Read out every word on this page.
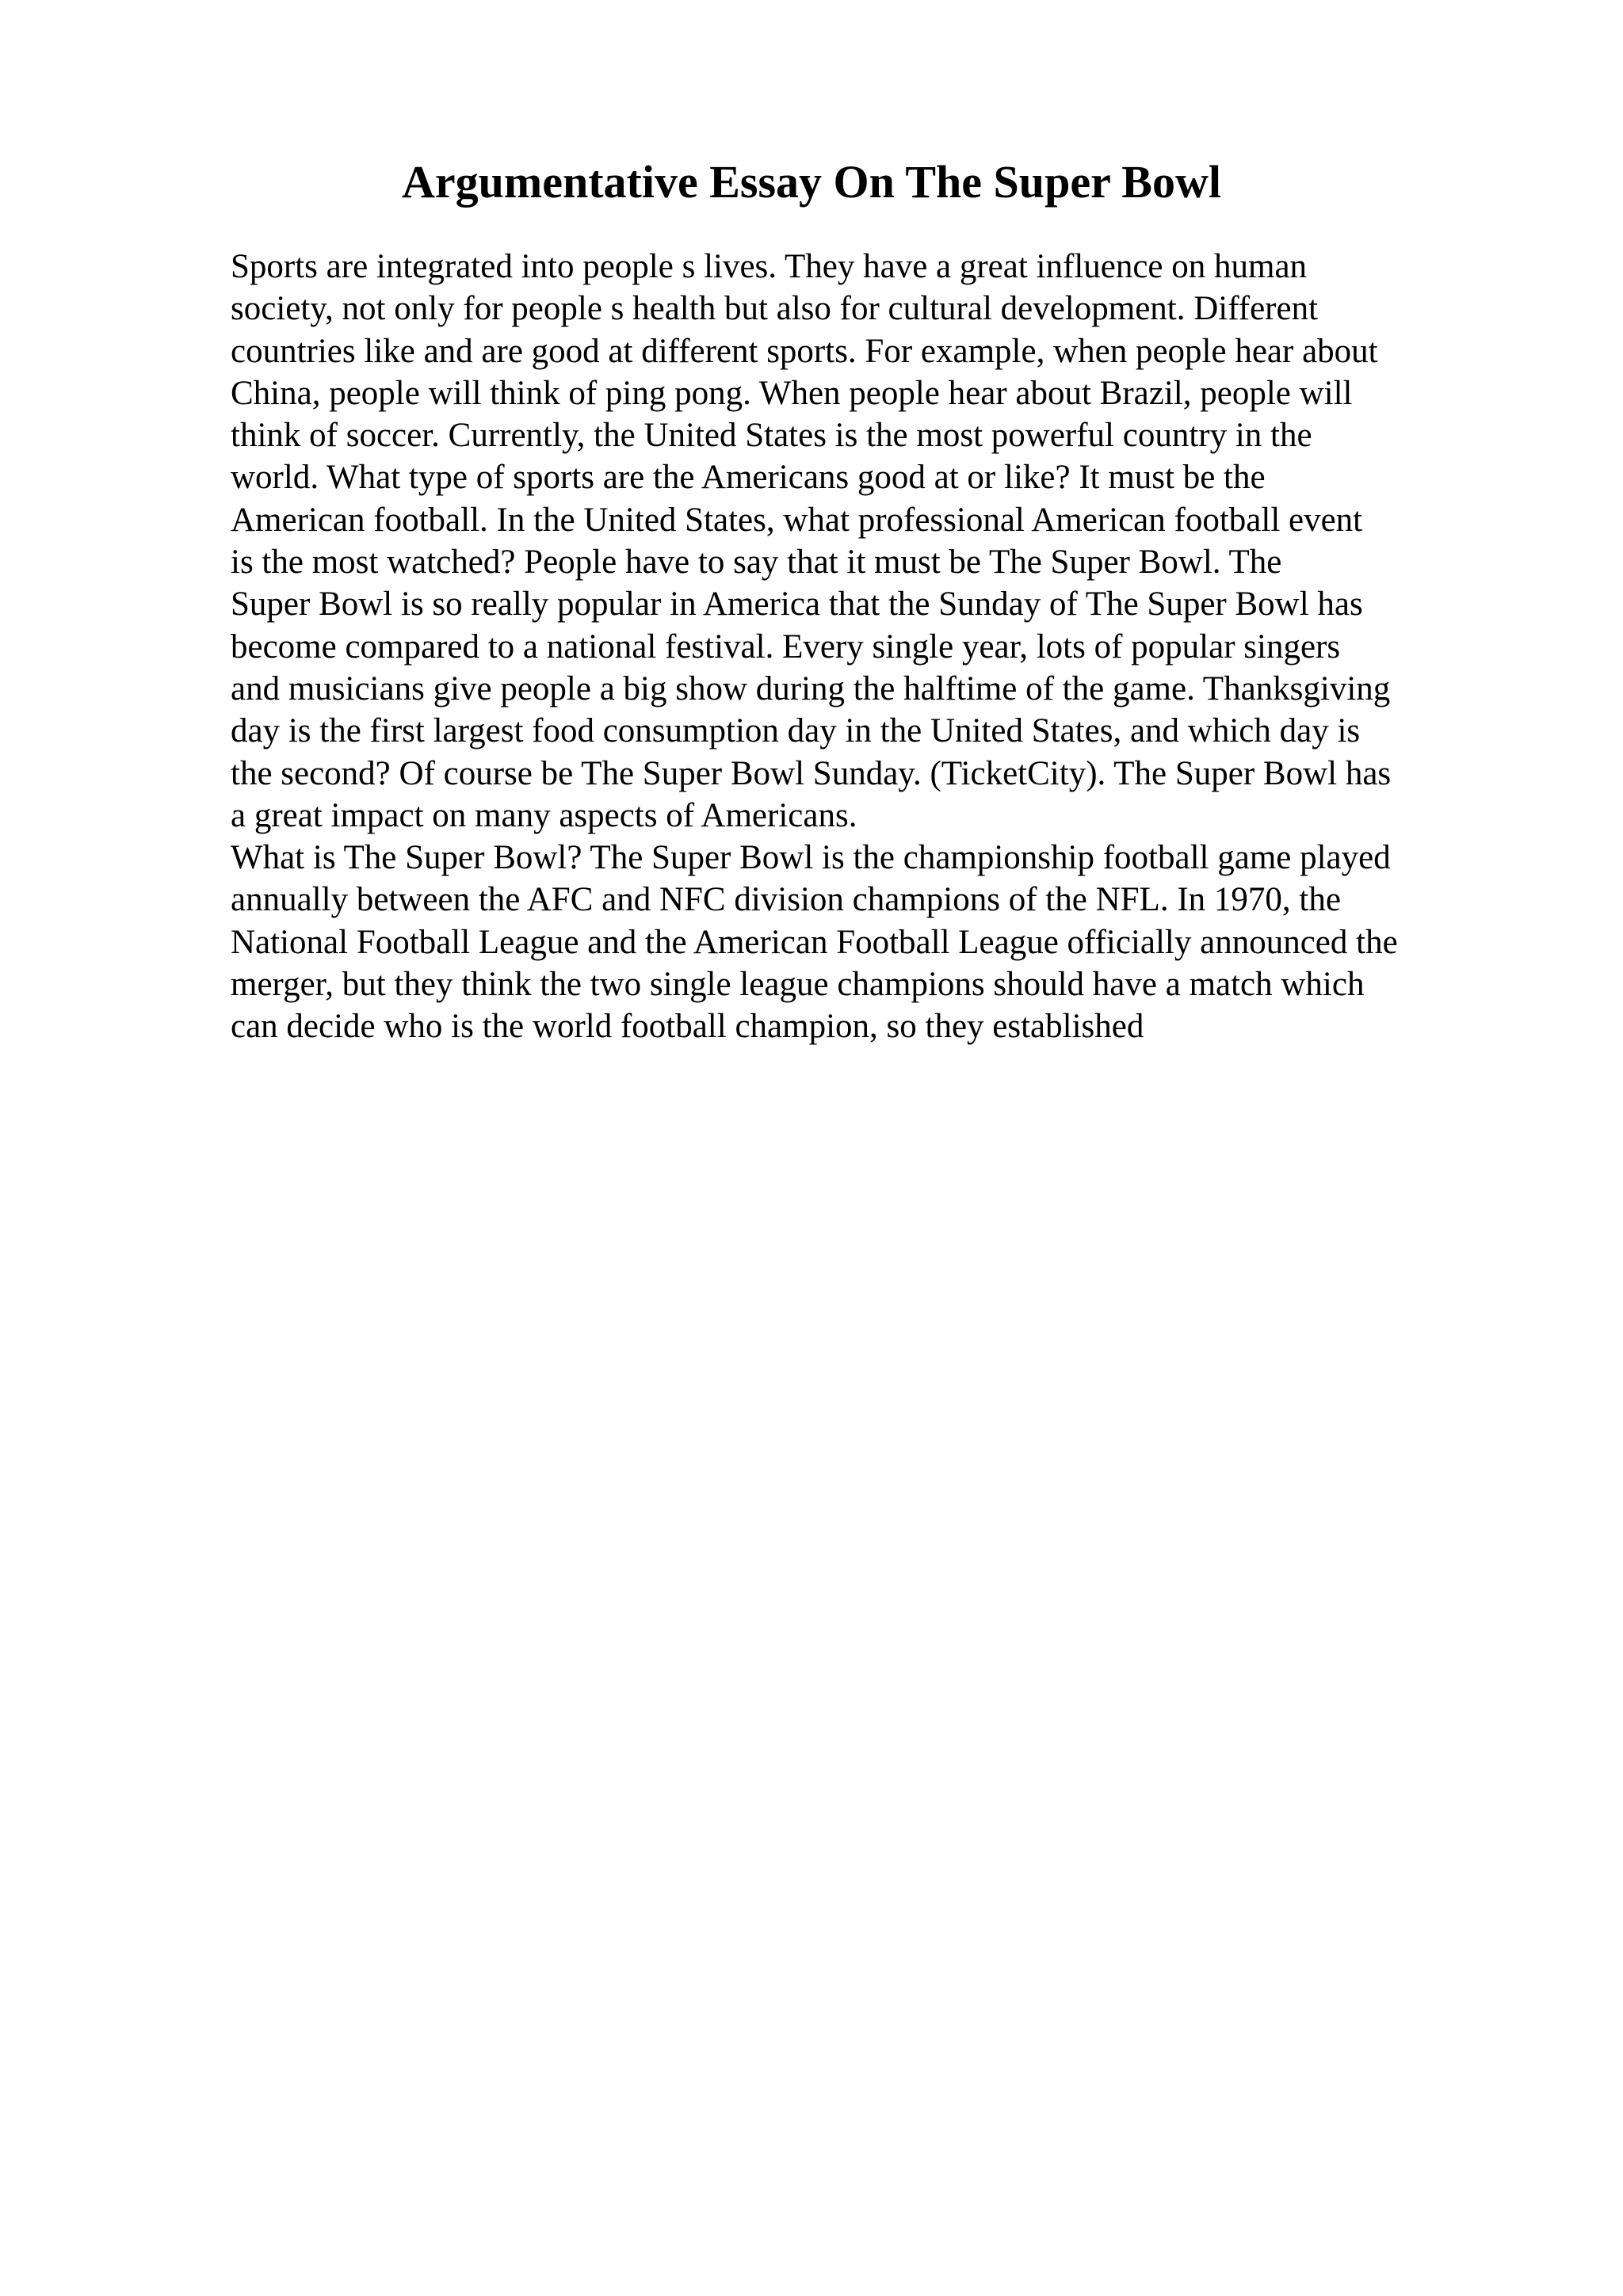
Argumentative Essay On The Super Bowl
Sports are integrated into people s lives. They have a great influence on human
society, not only for people s health but also for cultural development. Different
countries like and are good at different sports. For example, when people hear about
China, people will think of ping pong. When people hear about Brazil, people will
think of soccer. Currently, the United States is the most powerful country in the
world. What type of sports are the Americans good at or like? It must be the
American football. In the United States, what professional American football event
is the most watched? People have to say that it must be The Super Bowl. The
Super Bowl is so really popular in America that the Sunday of The Super Bowl has
become compared to a national festival. Every single year, lots of popular singers
and musicians give people a big show during the halftime of the game. Thanksgiving
day is the first largest food consumption day in the United States, and which day is
the second? Of course be The Super Bowl Sunday. (TicketCity). The Super Bowl has
a great impact on many aspects of Americans.
What is The Super Bowl? The Super Bowl is the championship football game played
annually between the AFC and NFC division champions of the NFL. In 1970, the
National Football League and the American Football League officially announced the
merger, but they think the two single league champions should have a match which
can decide who is the world football champion, so they established
